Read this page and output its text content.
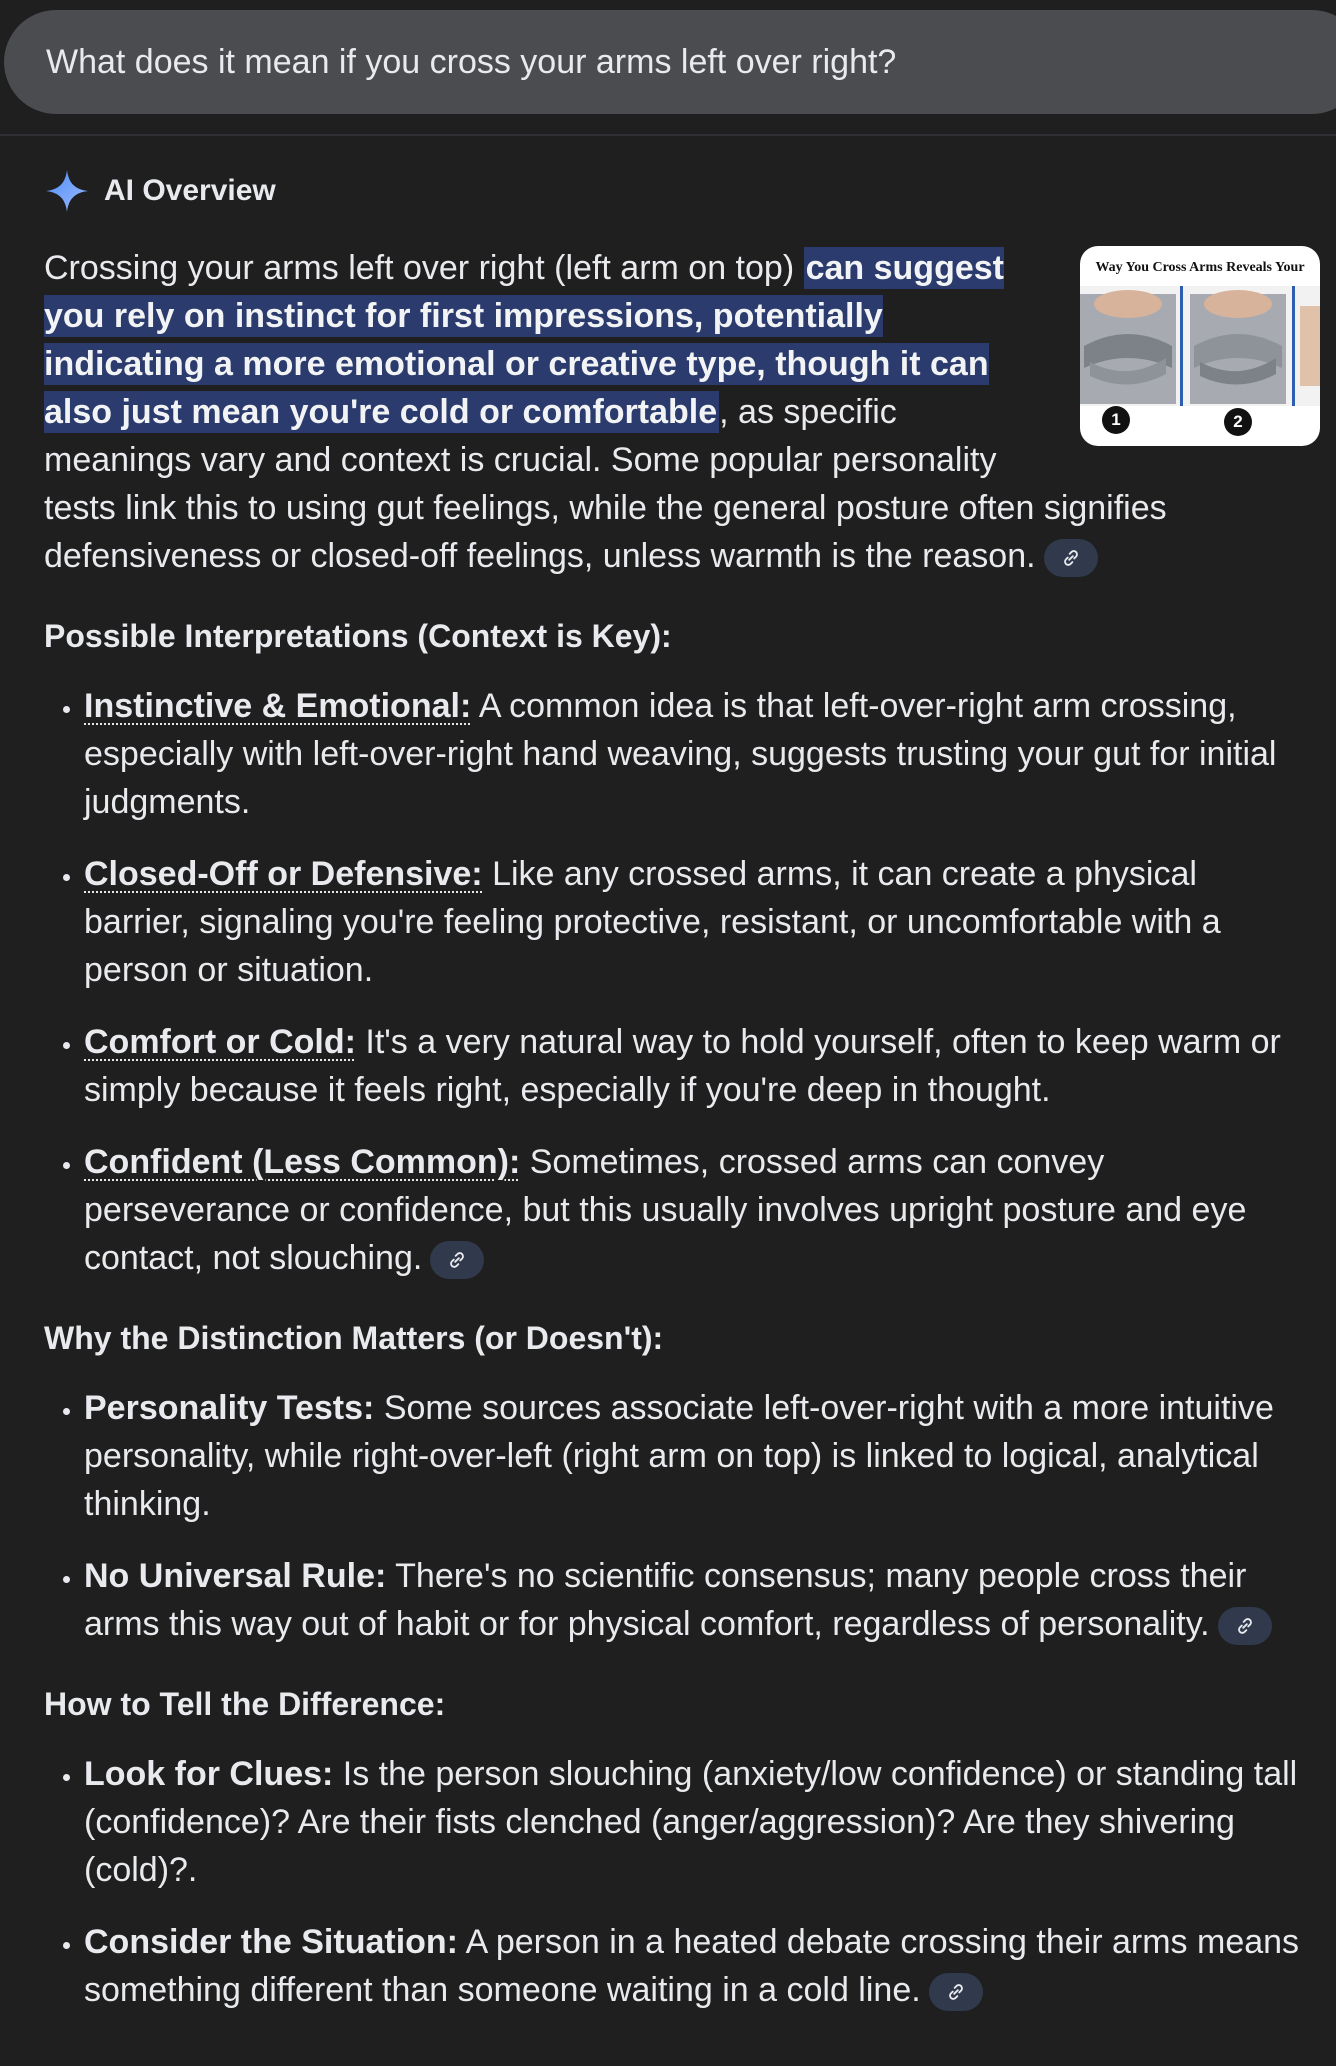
What does it mean if you cross your arms left over right?
AI Overview
Way You Cross Arms Reveals Your
1	2

Crossing your arms left over right (left arm on top) can suggest you rely on instinct for first impressions, potentially indicating a more emotional or creative type, though it can also just mean you're cold or comfortable, as specific meanings vary and context is crucial. Some popular personality tests link this to using gut feelings, while the general posture often signifies defensiveness or closed-off feelings, unless warmth is the reason.

Possible Interpretations (Context is Key):
• Instinctive & Emotional: A common idea is that left-over-right arm crossing, especially with left-over-right hand weaving, suggests trusting your gut for initial judgments.
• Closed-Off or Defensive: Like any crossed arms, it can create a physical barrier, signaling you're feeling protective, resistant, or uncomfortable with a person or situation.
• Comfort or Cold: It's a very natural way to hold yourself, often to keep warm or simply because it feels right, especially if you're deep in thought.
• Confident (Less Common): Sometimes, crossed arms can convey perseverance or confidence, but this usually involves upright posture and eye contact, not slouching.
Why the Distinction Matters (or Doesn't):
• Personality Tests: Some sources associate left-over-right with a more intuitive personality, while right-over-left (right arm on top) is linked to logical, analytical thinking.
• No Universal Rule: There's no scientific consensus; many people cross their arms this way out of habit or for physical comfort, regardless of personality.
How to Tell the Difference:
• Look for Clues: Is the person slouching (anxiety/low confidence) or standing tall (confidence)? Are their fists clenched (anger/aggression)? Are they shivering (cold)?.
• Consider the Situation: A person in a heated debate crossing their arms means something different than someone waiting in a cold line.
